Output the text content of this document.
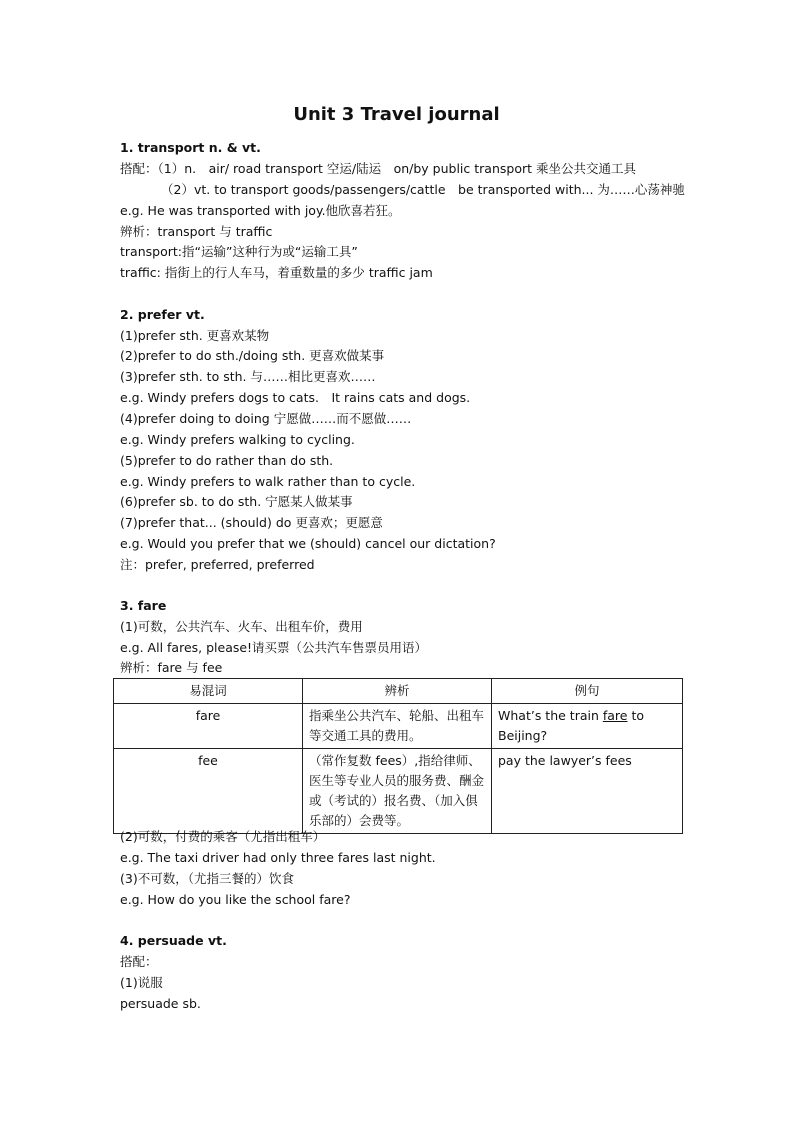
Unit 3 Travel journal
1. transport n. & vt.
搭配：（1）n.　air/ road transport 空运/陆运　on/by public transport 乘坐公共交通工具
（2）vt. to transport goods/passengers/cattle　be transported with... 为……心荡神驰
e.g. He was transported with joy.他欣喜若狂。
辨析：transport 与 traffic
transport:指“运输”这种行为或“运输工具”
traffic: 指街上的行人车马，着重数量的多少 traffic jam
2. prefer vt.
(1)prefer sth. 更喜欢某物
(2)prefer to do sth./doing sth. 更喜欢做某事
(3)prefer sth. to sth. 与……相比更喜欢……
e.g. Windy prefers dogs to cats.　It rains cats and dogs.
(4)prefer doing to doing 宁愿做……而不愿做……
e.g. Windy prefers walking to cycling.
(5)prefer to do rather than do sth.
e.g. Windy prefers to walk rather than to cycle.
(6)prefer sb. to do sth. 宁愿某人做某事
(7)prefer that... (should) do 更喜欢；更愿意
e.g. Would you prefer that we (should) cancel our dictation?
注：prefer, preferred, preferred
3. fare
(1)可数，公共汽车、火车、出租车价，费用
e.g. All fares, please!请买票（公共汽车售票员用语）
辨析：fare 与 fee
易混词	辨析	例句
fare	指乘坐公共汽车、轮船、出租车等交通工具的费用。	What’s the train fare to Beijing?
fee	（常作复数 fees）,指给律师、医生等专业人员的服务费、酬金或（考试的）报名费、（加入俱乐部的）会费等。	pay the lawyer’s fees
(2)可数，付费的乘客（尤指出租车）
e.g. The taxi driver had only three fares last night.
(3)不可数，（尤指三餐的）饮食
e.g. How do you like the school fare?
4. persuade vt.
搭配：
(1)说服
persuade sb.
